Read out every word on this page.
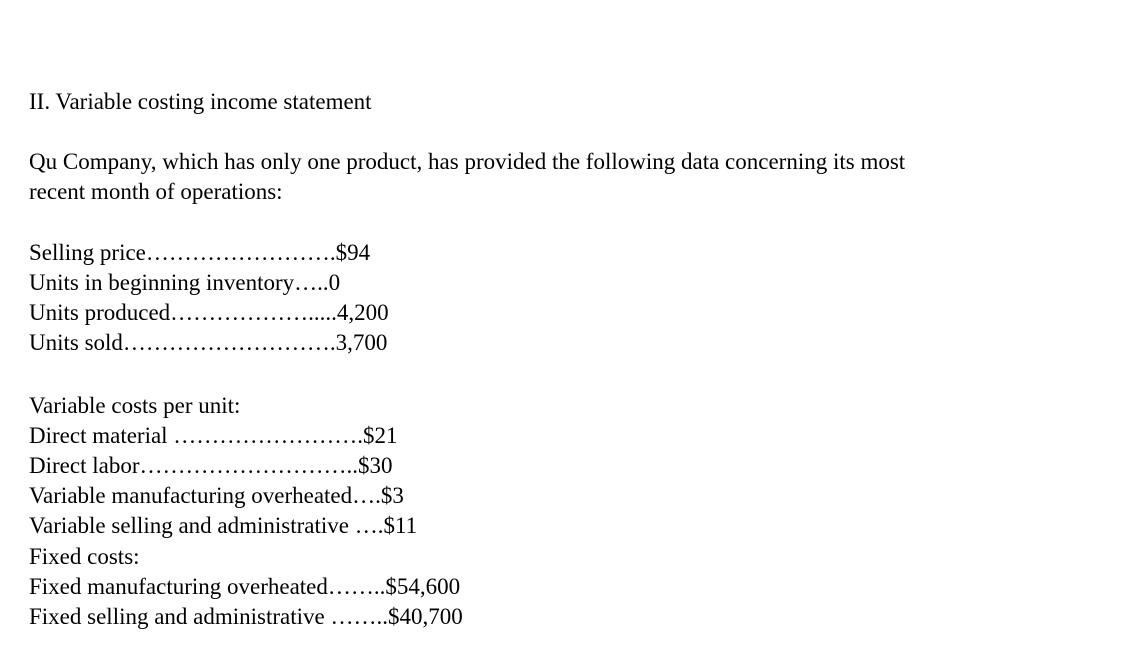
II. Variable costing income statement
Qu Company, which has only one product, has provided the following data concerning its most
recent month of operations:
Selling price…………………….$94
Units in beginning inventory…..0
Units produced……………….....4,200
Units sold……………………….3,700
Variable costs per unit:
Direct material …………………….$21
Direct labor………………………..$30
Variable manufacturing overheated….$3
Variable selling and administrative ….$11
Fixed costs:
Fixed manufacturing overheated……..$54,600
Fixed selling and administrative ……..$40,700
